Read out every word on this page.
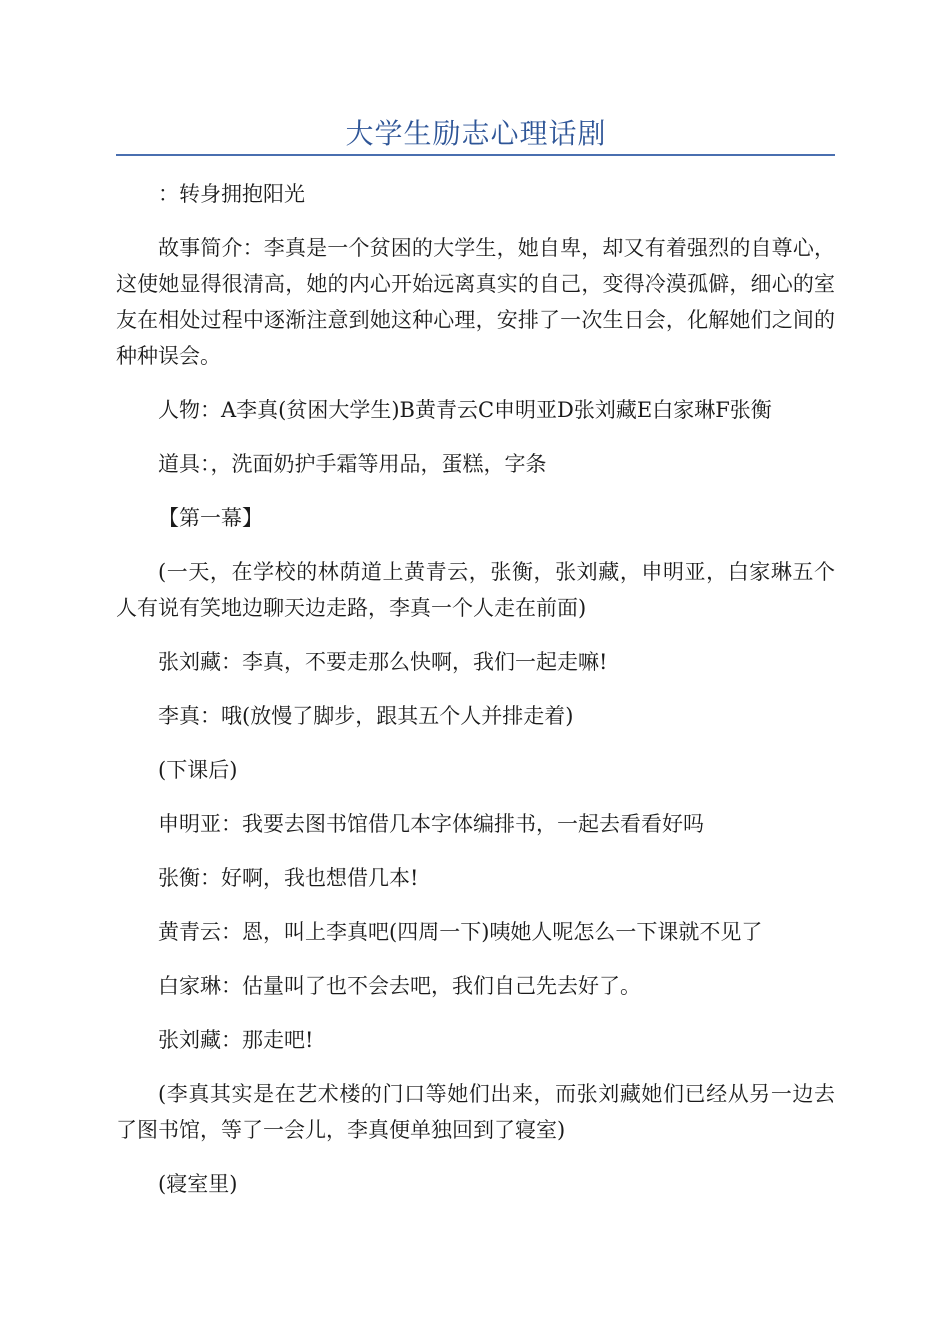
大学生励志心理话剧

：转身拥抱阳光

故事简介：李真是一个贫困的大学生，她自卑，却又有着强烈的自尊心，这使她显得很清高，她的内心开始远离真实的自己，变得冷漠孤僻，细心的室友在相处过程中逐渐注意到她这种心理，安排了一次生日会，化解她们之间的种种误会。

人物：A李真(贫困大学生)B黄青云C申明亚D张刘藏E白家琳F张衡

道具：，洗面奶护手霜等用品，蛋糕，字条

【第一幕】

(一天，在学校的林荫道上黄青云，张衡，张刘藏，申明亚，白家琳五个人有说有笑地边聊天边走路，李真一个人走在前面)

张刘藏：李真，不要走那么快啊，我们一起走嘛!

李真：哦(放慢了脚步，跟其五个人并排走着)

(下课后)

申明亚：我要去图书馆借几本字体编排书，一起去看看好吗

张衡：好啊，我也想借几本!

黄青云：恩，叫上李真吧(四周一下)咦她人呢怎么一下课就不见了

白家琳：估量叫了也不会去吧，我们自己先去好了。

张刘藏：那走吧!

(李真其实是在艺术楼的门口等她们出来，而张刘藏她们已经从另一边去了图书馆，等了一会儿，李真便单独回到了寝室)

(寝室里)
